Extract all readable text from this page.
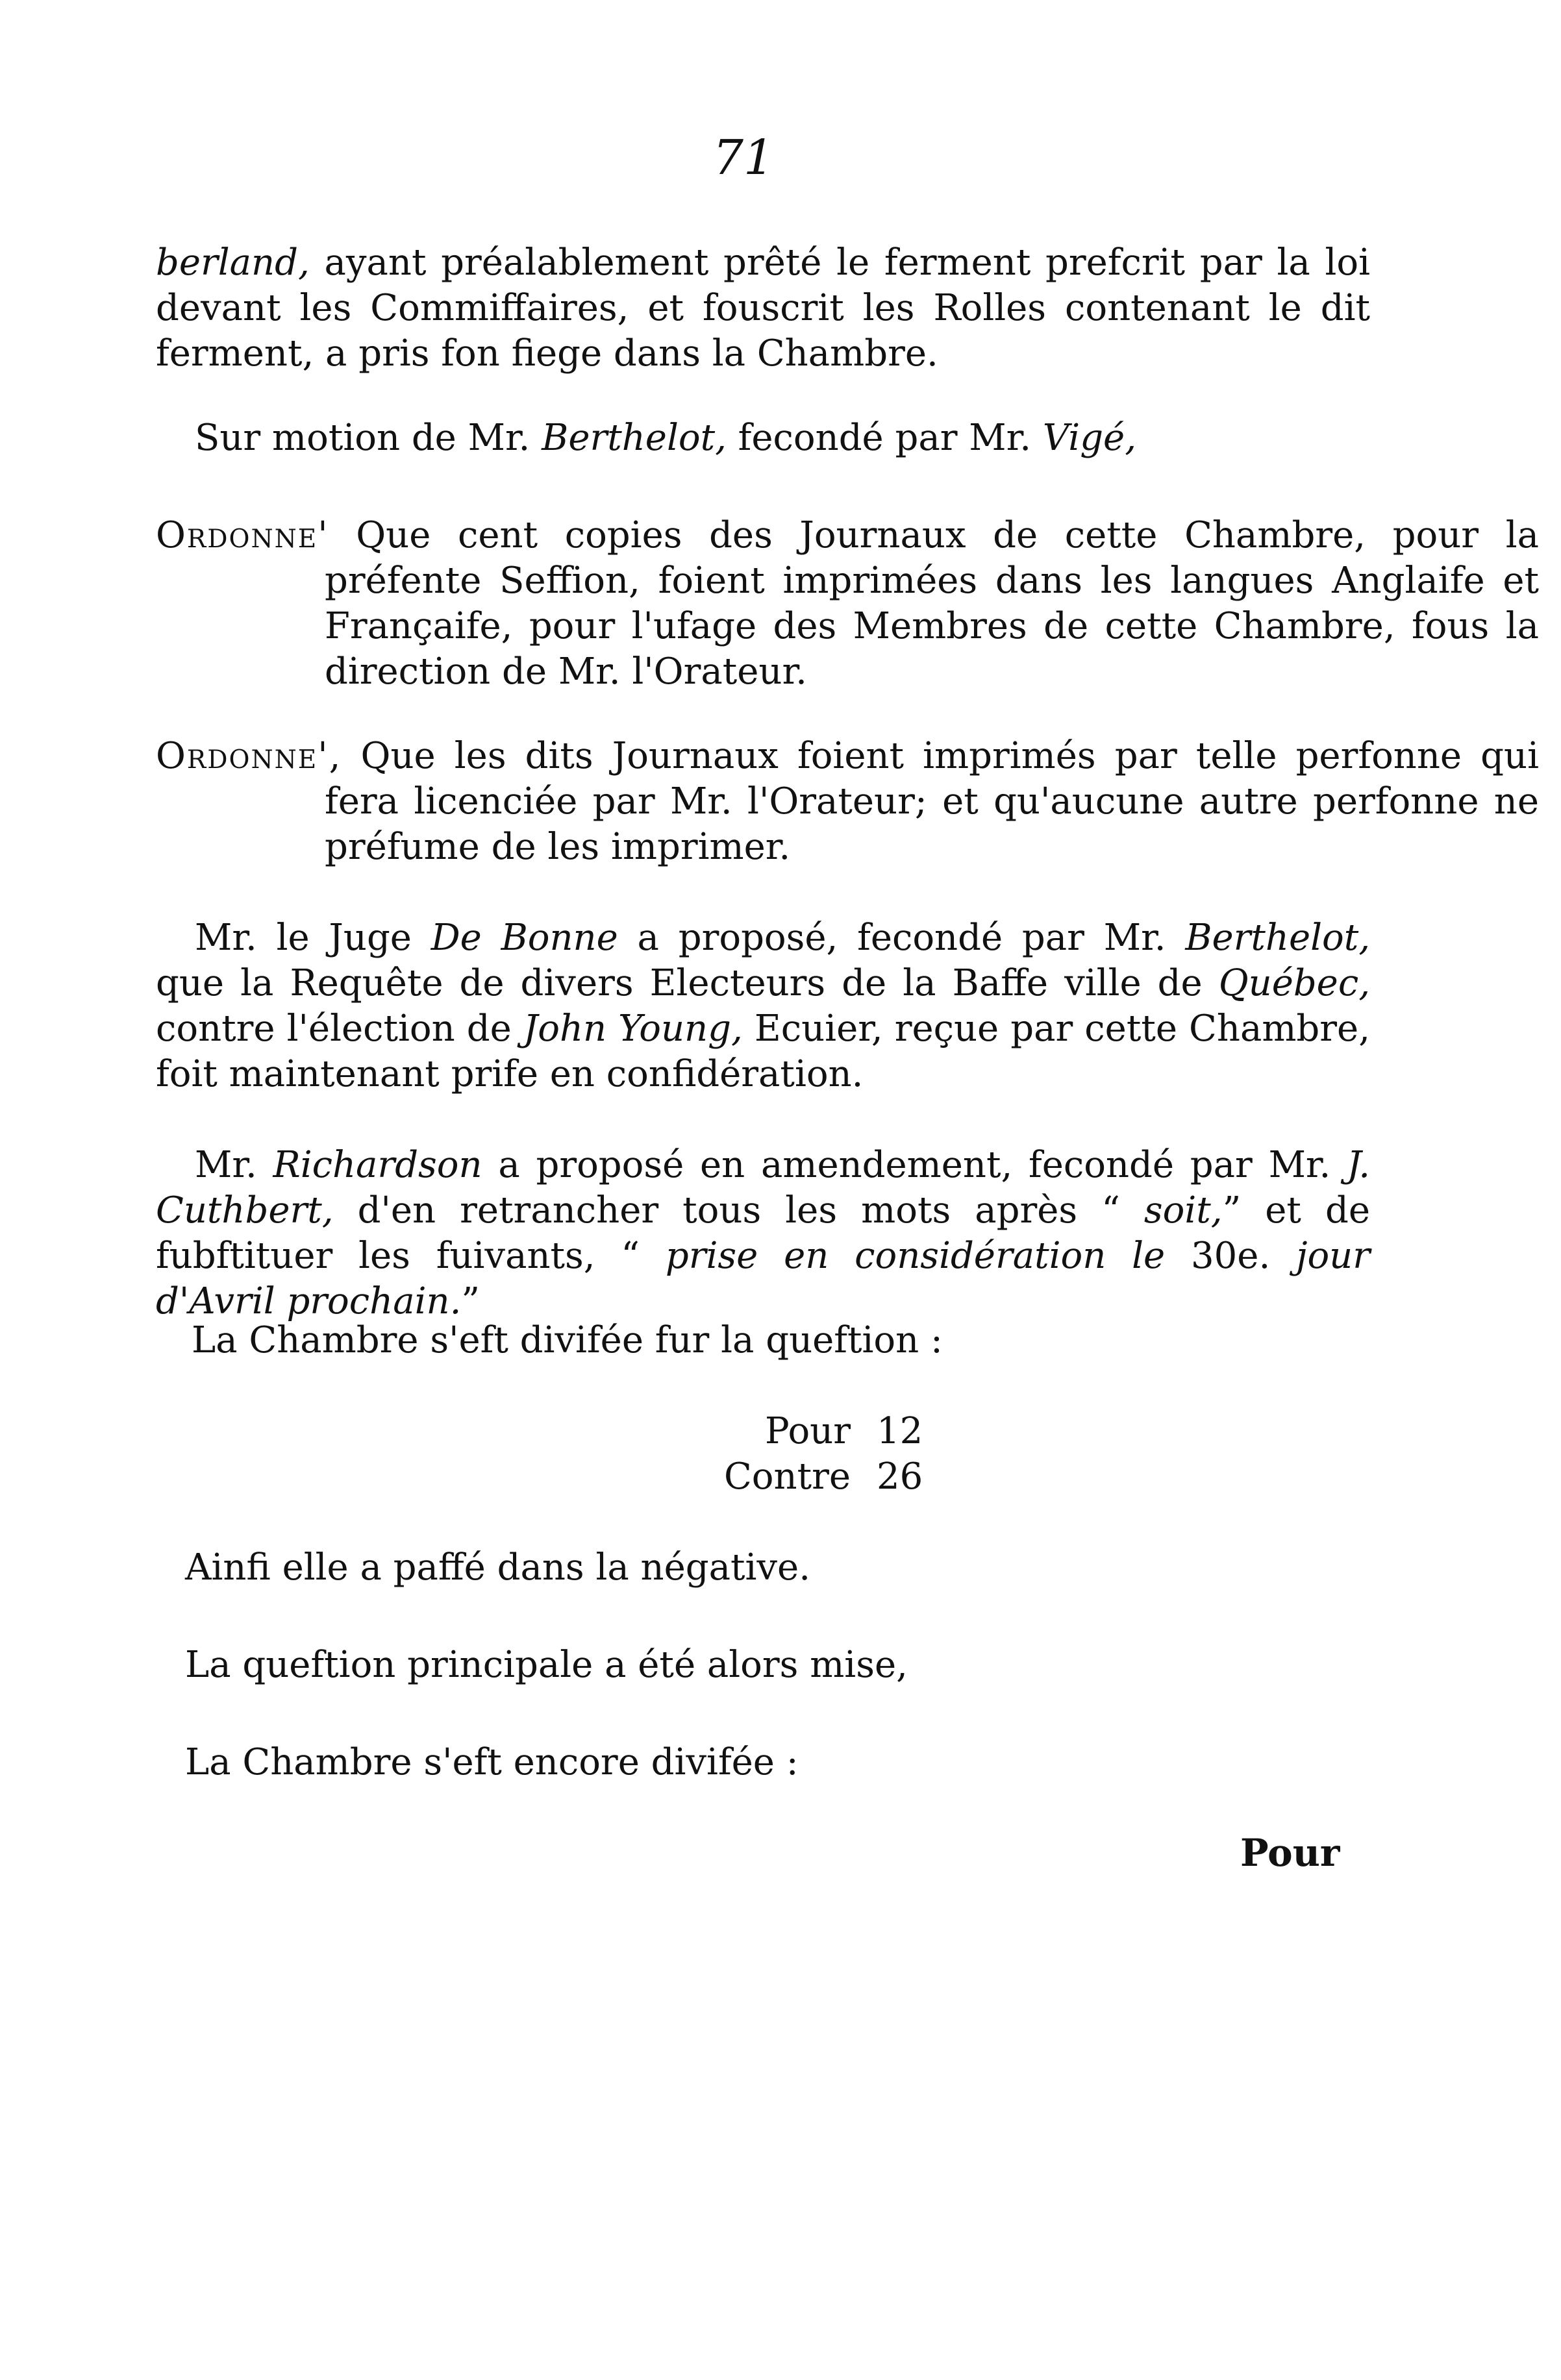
71

berland, ayant préalablement prêté le ferment prefcrit par la loi devant les Commiffaires, et fouscrit les Rolles contenant le dit ferment, a pris fon fiege dans la Chambre.

Sur motion de Mr. Berthelot, fecondé par Mr. Vigé,

Ordonne' Que cent copies des Journaux de cette Chambre, pour la préfente Seffion, foient imprimées dans les langues Anglaife et Françaife, pour l'ufage des Membres de cette Chambre, fous la direction de Mr. l'Orateur.

Ordonne', Que les dits Journaux foient imprimés par telle perfonne qui fera licenciée par Mr. l'Orateur; et qu'aucune autre perfonne ne préfume de les imprimer.

Mr. le Juge De Bonne a proposé, fecondé par Mr. Berthelot, que la Requête de divers Electeurs de la Baffe ville de Québec, contre l'élection de John Young, Ecuier, reçue par cette Chambre, foit maintenant prife en confidération.

Mr. Richardson a proposé en amendement, fecondé par Mr. J. Cuthbert, d'en retrancher tous les mots après “ soit,” et de fubftituer les fuivants, “ prise en considération le 30e. jour d'Avril prochain.”

La Chambre s'eft divifée fur la queftion :

Pour 12
Contre 26

Ainfi elle a paffé dans la négative.

La queftion principale a été alors mise,

La Chambre s'eft encore divifée :

Pour
